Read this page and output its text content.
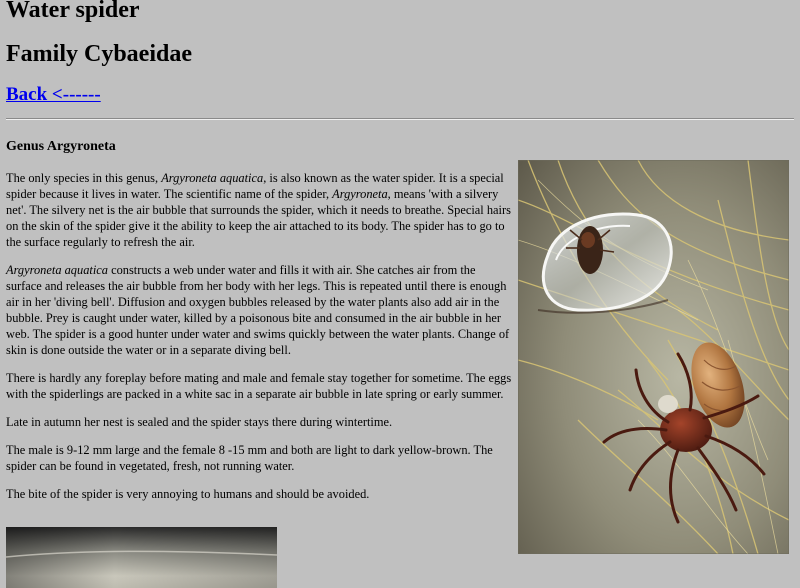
Water spider
Family Cybaeidae
Back <------
Genus Argyroneta

The only species in this genus, Argyroneta aquatica, is also known as the water spider. It is a special spider because it lives in water. The scientific name of the spider, Argyroneta, means 'with a silvery net'. The silvery net is the air bubble that surrounds the spider, which it needs to breathe. Special hairs on the skin of the spider give it the ability to keep the air attached to its body. The spider has to go to the surface regularly to refresh the air.

Argyroneta aquatica constructs a web under water and fills it with air. She catches air from the surface and releases the air bubble from her body with her legs. This is repeated until there is enough air in her 'diving bell'. Diffusion and oxygen bubbles released by the water plants also add air in the bubble. Prey is caught under water, killed by a poisonous bite and consumed in the air bubble in her web. The spider is a good hunter under water and swims quickly between the water plants. Change of skin is done outside the water or in a separate diving bell.

There is hardly any foreplay before mating and male and female stay together for sometime. The eggs with the spiderlings are packed in a white sac in a separate air bubble in late spring or early summer.

Late in autumn her nest is sealed and the spider stays there during wintertime.

The male is 9-12 mm large and the female 8 -15 mm and both are light to dark yellow-brown. The spider can be found in vegetated, fresh, not running water.

The bite of the spider is very annoying to humans and should be avoided.
